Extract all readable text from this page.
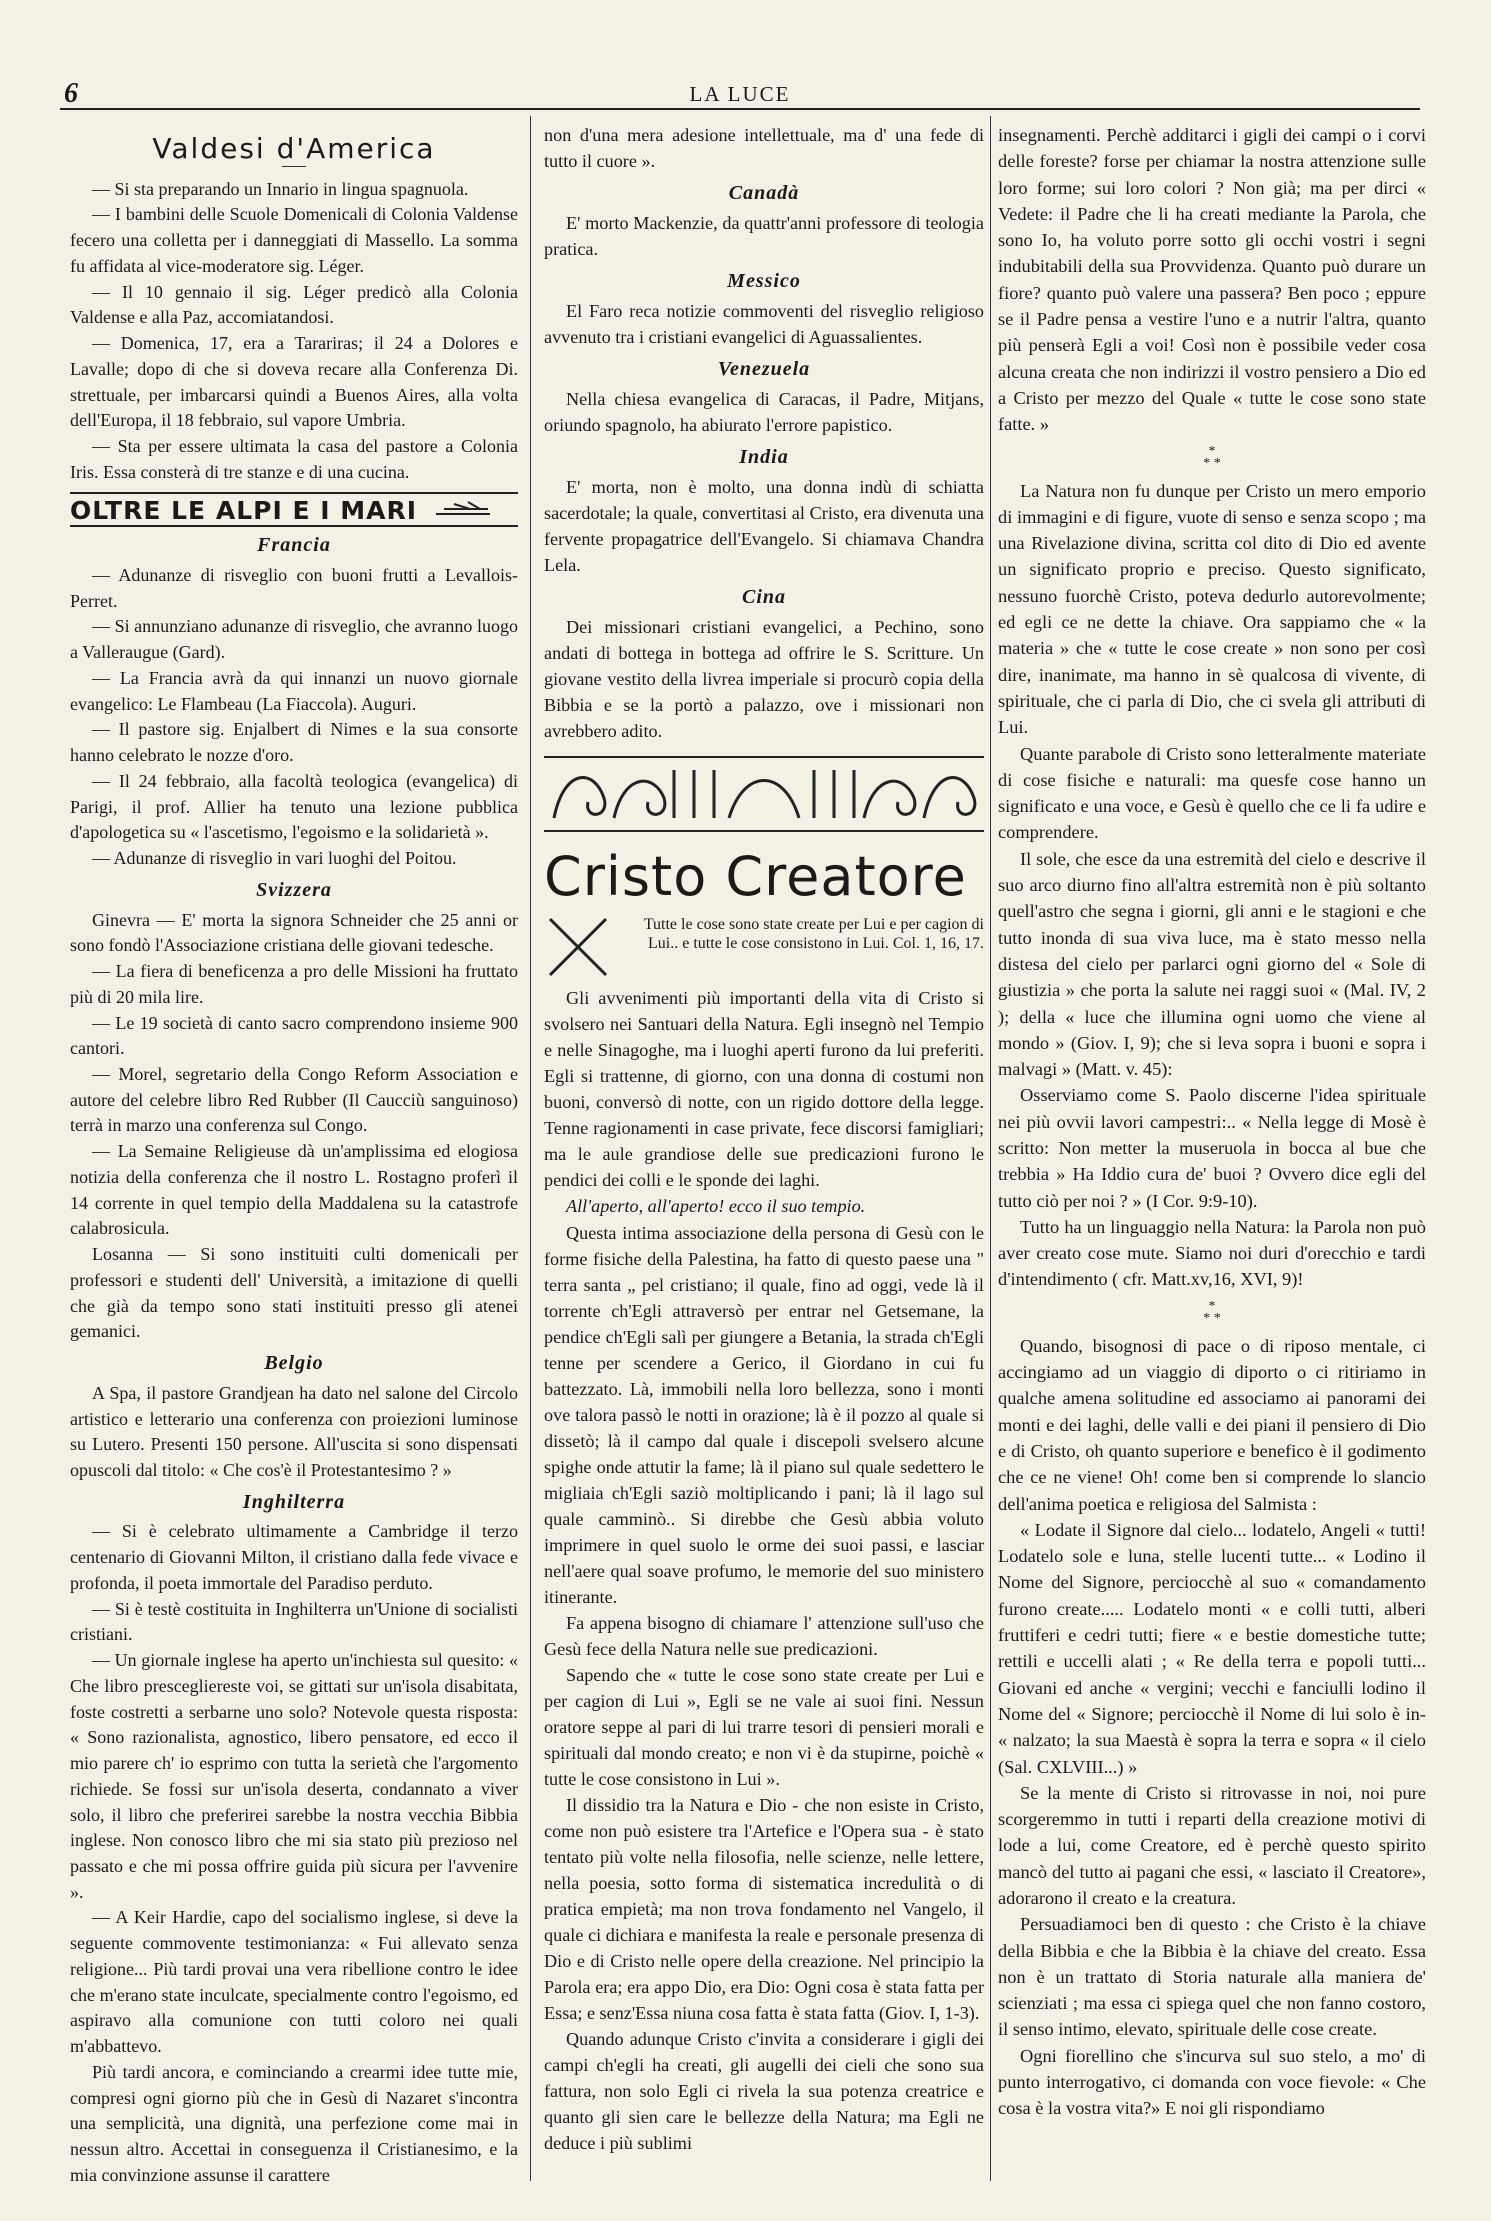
6	LA LUCE
Valdesi d'America

— Si sta preparando un Innario in lingua spagnuola.

— I bambini delle Scuole Domenicali di Colonia Valdense fecero una colletta per i danneggiati di Massello. La somma fu affidata al vice-moderatore sig. Léger.

— Il 10 gennaio il sig. Léger predicò alla Colonia Valdense e alla Paz, accomiatandosi.

— Domenica, 17, era a Tarariras; il 24 a Dolores e Lavalle; dopo di che si doveva recare alla Conferenza Di. strettuale, per imbarcarsi quindi a Buenos Aires, alla volta dell'Europa, il 18 febbraio, sul vapore Umbria.

— Sta per essere ultimata la casa del pastore a Colonia Iris. Essa consterà di tre stanze e di una cucina.

OLTRE LE ALPI E I MARI
Francia

— Adunanze di risveglio con buoni frutti a Levallois-Perret.

— Si annunziano adunanze di risveglio, che avranno luogo a Valleraugue (Gard).

— La Francia avrà da qui innanzi un nuovo giornale evangelico: Le Flambeau (La Fiaccola). Auguri.

— Il pastore sig. Enjalbert di Nimes e la sua consorte hanno celebrato le nozze d'oro.

— Il 24 febbraio, alla facoltà teologica (evangelica) di Parigi, il prof. Allier ha tenuto una lezione pubblica d'apologetica su « l'ascetismo, l'egoismo e la solidarietà ».

— Adunanze di risveglio in vari luoghi del Poitou.

Svizzera

Ginevra — E' morta la signora Schneider che 25 anni or sono fondò l'Associazione cristiana delle giovani tedesche.

— La fiera di beneficenza a pro delle Missioni ha fruttato più di 20 mila lire.

— Le 19 società di canto sacro comprendono insieme 900 cantori.

— Morel, segretario della Congo Reform Association e autore del celebre libro Red Rubber (Il Caucciù sanguinoso) terrà in marzo una conferenza sul Congo.

— La Semaine Religieuse dà un'amplissima ed elogiosa notizia della conferenza che il nostro L. Rostagno proferì il 14 corrente in quel tempio della Maddalena su la catastrofe calabrosicula.

Losanna — Si sono instituiti culti domenicali per professori e studenti dell' Università, a imitazione di quelli che già da tempo sono stati instituiti presso gli atenei gemanici.

Belgio

A Spa, il pastore Grandjean ha dato nel salone del Circolo artistico e letterario una conferenza con proiezioni luminose su Lutero. Presenti 150 persone. All'uscita si sono dispensati opuscoli dal titolo: « Che cos'è il Protestantesimo ? »

Inghilterra

— Si è celebrato ultimamente a Cambridge il terzo centenario di Giovanni Milton, il cristiano dalla fede vivace e profonda, il poeta immortale del Paradiso perduto.

— Si è testè costituita in Inghilterra un'Unione di socialisti cristiani.

— Un giornale inglese ha aperto un'inchiesta sul quesito: « Che libro prescegliereste voi, se gittati sur un'isola disabitata, foste costretti a serbarne uno solo? Notevole questa risposta: « Sono razionalista, agnostico, libero pensatore, ed ecco il mio parere ch' io esprimo con tutta la serietà che l'argomento richiede. Se fossi sur un'isola deserta, condannato a viver solo, il libro che preferirei sarebbe la nostra vecchia Bibbia inglese. Non conosco libro che mi sia stato più prezioso nel passato e che mi possa offrire guida più sicura per l'avvenire ».

— A Keir Hardie, capo del socialismo inglese, si deve la seguente commovente testimonianza: « Fui allevato senza religione... Più tardi provai una vera ribellione contro le idee che m'erano state inculcate, specialmente contro l'egoismo, ed aspiravo alla comunione con tutti coloro nei quali m'abbattevo.

Più tardi ancora, e cominciando a crearmi idee tutte mie, compresi ogni giorno più che in Gesù di Nazaret s'incontra una semplicità, una dignità, una perfezione come mai in nessun altro. Accettai in conseguenza il Cristianesimo, e la mia convinzione assunse il carattere

non d'una mera adesione intellettuale, ma d' una fede di tutto il cuore ».

Canadà

E' morto Mackenzie, da quattr'anni professore di teologia pratica.

Messico

El Faro reca notizie commoventi del risveglio religioso avvenuto tra i cristiani evangelici di Aguassalientes.

Venezuela

Nella chiesa evangelica di Caracas, il Padre, Mitjans, oriundo spagnolo, ha abiurato l'errore papistico.

India

E' morta, non è molto, una donna indù di schiatta sacerdotale; la quale, convertitasi al Cristo, era divenuta una fervente propagatrice dell'Evangelo. Si chiamava Chandra Lela.

Cina

Dei missionari cristiani evangelici, a Pechino, sono andati di bottega in bottega ad offrire le S. Scritture. Un giovane vestito della livrea imperiale si procurò copia della Bibbia e se la portò a palazzo, ove i missionari non avrebbero adito.

Cristo Creatore
Tutte le cose sono state create per Lui e per cagion di Lui.. e tutte le cose consistono in Lui. Col. 1, 16, 17.

Gli avvenimenti più importanti della vita di Cristo si svolsero nei Santuari della Natura. Egli insegnò nel Tempio e nelle Sinagoghe, ma i luoghi aperti furono da lui preferiti. Egli si trattenne, di giorno, con una donna di costumi non buoni, conversò di notte, con un rigido dottore della legge. Tenne ragionamenti in case private, fece discorsi famigliari; ma le aule grandiose delle sue predicazioni furono le pendici dei colli e le sponde dei laghi.

All'aperto, all'aperto! ecco il suo tempio.

Questa intima associazione della persona di Gesù con le forme fisiche della Palestina, ha fatto di questo paese una " terra santa „ pel cristiano; il quale, fino ad oggi, vede là il torrente ch'Egli attraversò per entrar nel Getsemane, la pendice ch'Egli salì per giungere a Betania, la strada ch'Egli tenne per scendere a Gerico, il Giordano in cui fu battezzato. Là, immobili nella loro bellezza, sono i monti ove talora passò le notti in orazione; là è il pozzo al quale si dissetò; là il campo dal quale i discepoli svelsero alcune spighe onde attutir la fame; là il piano sul quale sedettero le migliaia ch'Egli saziò moltiplicando i pani; là il lago sul quale camminò.. Si direbbe che Gesù abbia voluto imprimere in quel suolo le orme dei suoi passi, e lasciar nell'aere qual soave profumo, le memorie del suo ministero itinerante.

Fa appena bisogno di chiamare l' attenzione sull'uso che Gesù fece della Natura nelle sue predicazioni.

Sapendo che « tutte le cose sono state create per Lui e per cagion di Lui », Egli se ne vale ai suoi fini. Nessun oratore seppe al pari di lui trarre tesori di pensieri morali e spirituali dal mondo creato; e non vi è da stupirne, poichè « tutte le cose consistono in Lui ».

Il dissidio tra la Natura e Dio - che non esiste in Cristo, come non può esistere tra l'Artefice e l'Opera sua - è stato tentato più volte nella filosofia, nelle scienze, nelle lettere, nella poesia, sotto forma di sistematica incredulità o di pratica empietà; ma non trova fondamento nel Vangelo, il quale ci dichiara e manifesta la reale e personale presenza di Dio e di Cristo nelle opere della creazione. Nel principio la Parola era; era appo Dio, era Dio: Ogni cosa è stata fatta per Essa; e senz'Essa niuna cosa fatta è stata fatta (Giov. I, 1-3).

Quando adunque Cristo c'invita a considerare i gigli dei campi ch'egli ha creati, gli augelli dei cieli che sono sua fattura, non solo Egli ci rivela la sua potenza creatrice e quanto gli sien care le bellezze della Natura; ma Egli ne deduce i più sublimi

insegnamenti. Perchè additarci i gigli dei campi o i corvi delle foreste? forse per chiamar la nostra attenzione sulle loro forme; sui loro colori ? Non già; ma per dirci « Vedete: il Padre che li ha creati mediante la Parola, che sono Io, ha voluto porre sotto gli occhi vostri i segni indubitabili della sua Provvidenza. Quanto può durare un fiore? quanto può valere una passera? Ben poco ; eppure se il Padre pensa a vestire l'uno e a nutrir l'altra, quanto più penserà Egli a voi! Così non è possibile veder cosa alcuna creata che non indirizzi il vostro pensiero a Dio ed a Cristo per mezzo del Quale « tutte le cose sono state fatte. »

*
* *

La Natura non fu dunque per Cristo un mero emporio di immagini e di figure, vuote di senso e senza scopo ; ma una Rivelazione divina, scritta col dito di Dio ed avente un significato proprio e preciso. Questo significato, nessuno fuorchè Cristo, poteva dedurlo autorevolmente; ed egli ce ne dette la chiave. Ora sappiamo che « la materia » che « tutte le cose create » non sono per così dire, inanimate, ma hanno in sè qualcosa di vivente, di spirituale, che ci parla di Dio, che ci svela gli attributi di Lui.

Quante parabole di Cristo sono letteralmente materiate di cose fisiche e naturali: ma quesfe cose hanno un significato e una voce, e Gesù è quello che ce li fa udire e comprendere.

Il sole, che esce da una estremità del cielo e descrive il suo arco diurno fino all'altra estremità non è più soltanto quell'astro che segna i giorni, gli anni e le stagioni e che tutto inonda di sua viva luce, ma è stato messo nella distesa del cielo per parlarci ogni giorno del « Sole di giustizia » che porta la salute nei raggi suoi « (Mal. IV, 2 ); della « luce che illumina ogni uomo che viene al mondo » (Giov. I, 9); che si leva sopra i buoni e sopra i malvagi » (Matt. v. 45):

Osserviamo come S. Paolo discerne l'idea spirituale nei più ovvii lavori campestri:.. « Nella legge di Mosè è scritto: Non metter la museruola in bocca al bue che trebbia » Ha Iddio cura de' buoi ? Ovvero dice egli del tutto ciò per noi ? » (I Cor. 9:9-10).

Tutto ha un linguaggio nella Natura: la Parola non può aver creato cose mute. Siamo noi duri d'orecchio e tardi d'intendimento ( cfr. Matt.xv,16, XVI, 9)!

*
* *

Quando, bisognosi di pace o di riposo mentale, ci accingiamo ad un viaggio di diporto o ci ritiriamo in qualche amena solitudine ed associamo ai panorami dei monti e dei laghi, delle valli e dei piani il pensiero di Dio e di Cristo, oh quanto superiore e benefico è il godimento che ce ne viene! Oh! come ben si comprende lo slancio dell'anima poetica e religiosa del Salmista :

« Lodate il Signore dal cielo... lodatelo, Angeli « tutti! Lodatelo sole e luna, stelle lucenti tutte... « Lodino il Nome del Signore, perciocchè al suo « comandamento furono create..... Lodatelo monti « e colli tutti, alberi fruttiferi e cedri tutti; fiere « e bestie domestiche tutte; rettili e uccelli alati ; « Re della terra e popoli tutti... Giovani ed anche « vergini; vecchi e fanciulli lodino il Nome del « Signore; perciocchè il Nome di lui solo è in- « nalzato; la sua Maestà è sopra la terra e sopra « il cielo (Sal. CXLVIII...) »

Se la mente di Cristo si ritrovasse in noi, noi pure scorgeremmo in tutti i reparti della creazione motivi di lode a lui, come Creatore, ed è perchè questo spirito mancò del tutto ai pagani che essi, « lasciato il Creatore», adorarono il creato e la creatura.

Persuadiamoci ben di questo : che Cristo è la chiave della Bibbia e che la Bibbia è la chiave del creato. Essa non è un trattato di Storia naturale alla maniera de' scienziati ; ma essa ci spiega quel che non fanno costoro, il senso intimo, elevato, spirituale delle cose create.

Ogni fiorellino che s'incurva sul suo stelo, a mo' di punto interrogativo, ci domanda con voce fievole: « Che cosa è la vostra vita?» E noi gli rispondiamo
